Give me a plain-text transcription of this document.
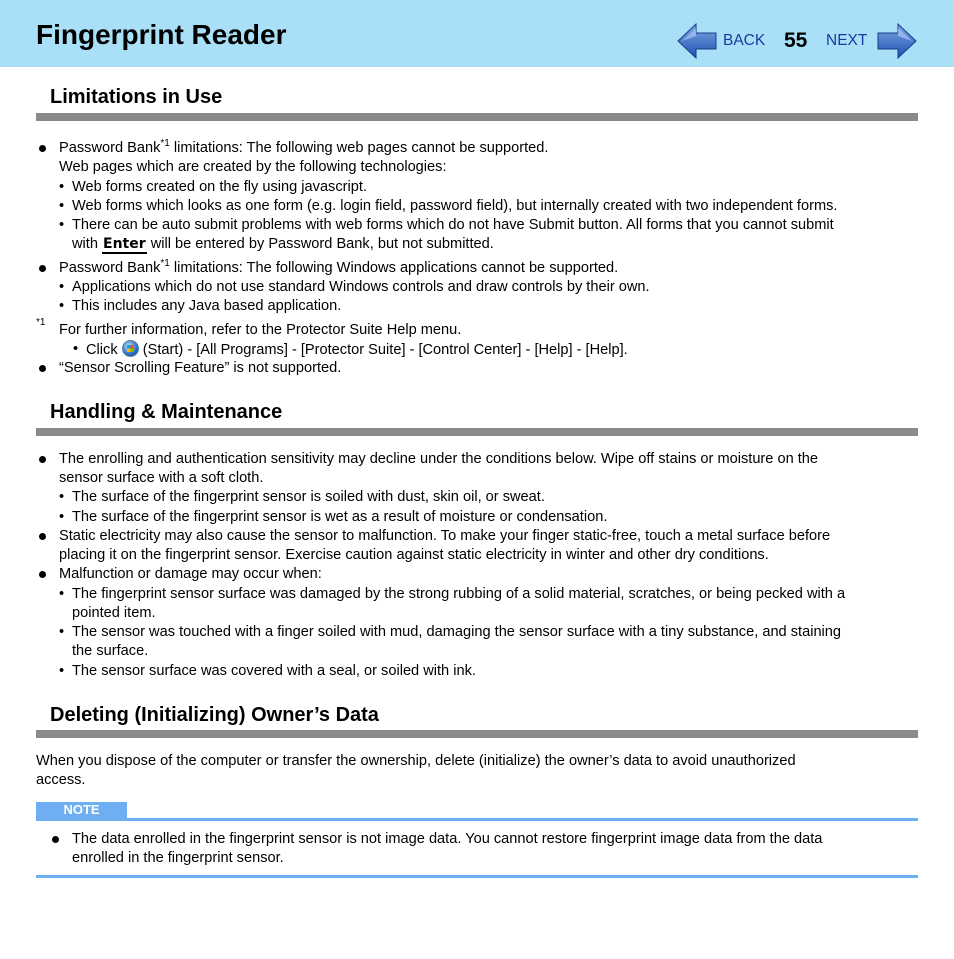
Fingerprint Reader	BACK 55 NEXT
Limitations in Use
Password Bank$^{*1}$ limitations: The following web pages cannot be supported.
Web pages which are created by the following technologies:
• Web forms created on the fly using javascript.
• Web forms which looks as one form (e.g. login field, password field), but internally created with two independent forms.
• There can be auto submit problems with web forms which do not have Submit button. All forms that you cannot submit
with Enter will be entered by Password Bank, but not submitted.
Password Bank$^{*1}$ limitations: The following Windows applications cannot be supported.
• Applications which do not use standard Windows controls and draw controls by their own.
• This includes any Java based application.
*1 For further information, refer to the Protector Suite Help menu.
• Click  (Start) - [All Programs] - [Protector Suite] - [Control Center] - [Help] - [Help].
“Sensor Scrolling Feature” is not supported.
Handling & Maintenance
The enrolling and authentication sensitivity may decline under the conditions below. Wipe off stains or moisture on the
sensor surface with a soft cloth.
• The surface of the fingerprint sensor is soiled with dust, skin oil, or sweat.
• The surface of the fingerprint sensor is wet as a result of moisture or condensation.
Static electricity may also cause the sensor to malfunction. To make your finger static-free, touch a metal surface before
placing it on the fingerprint sensor. Exercise caution against static electricity in winter and other dry conditions.
Malfunction or damage may occur when:
• The fingerprint sensor surface was damaged by the strong rubbing of a solid material, scratches, or being pecked with a
pointed item.
• The sensor was touched with a finger soiled with mud, damaging the sensor surface with a tiny substance, and staining
the surface.
• The sensor surface was covered with a seal, or soiled with ink.
Deleting (Initializing) Owner’s Data
When you dispose of the computer or transfer the ownership, delete (initialize) the owner’s data to avoid unauthorized
access.
NOTE
The data enrolled in the fingerprint sensor is not image data. You cannot restore fingerprint image data from the data
enrolled in the fingerprint sensor.
